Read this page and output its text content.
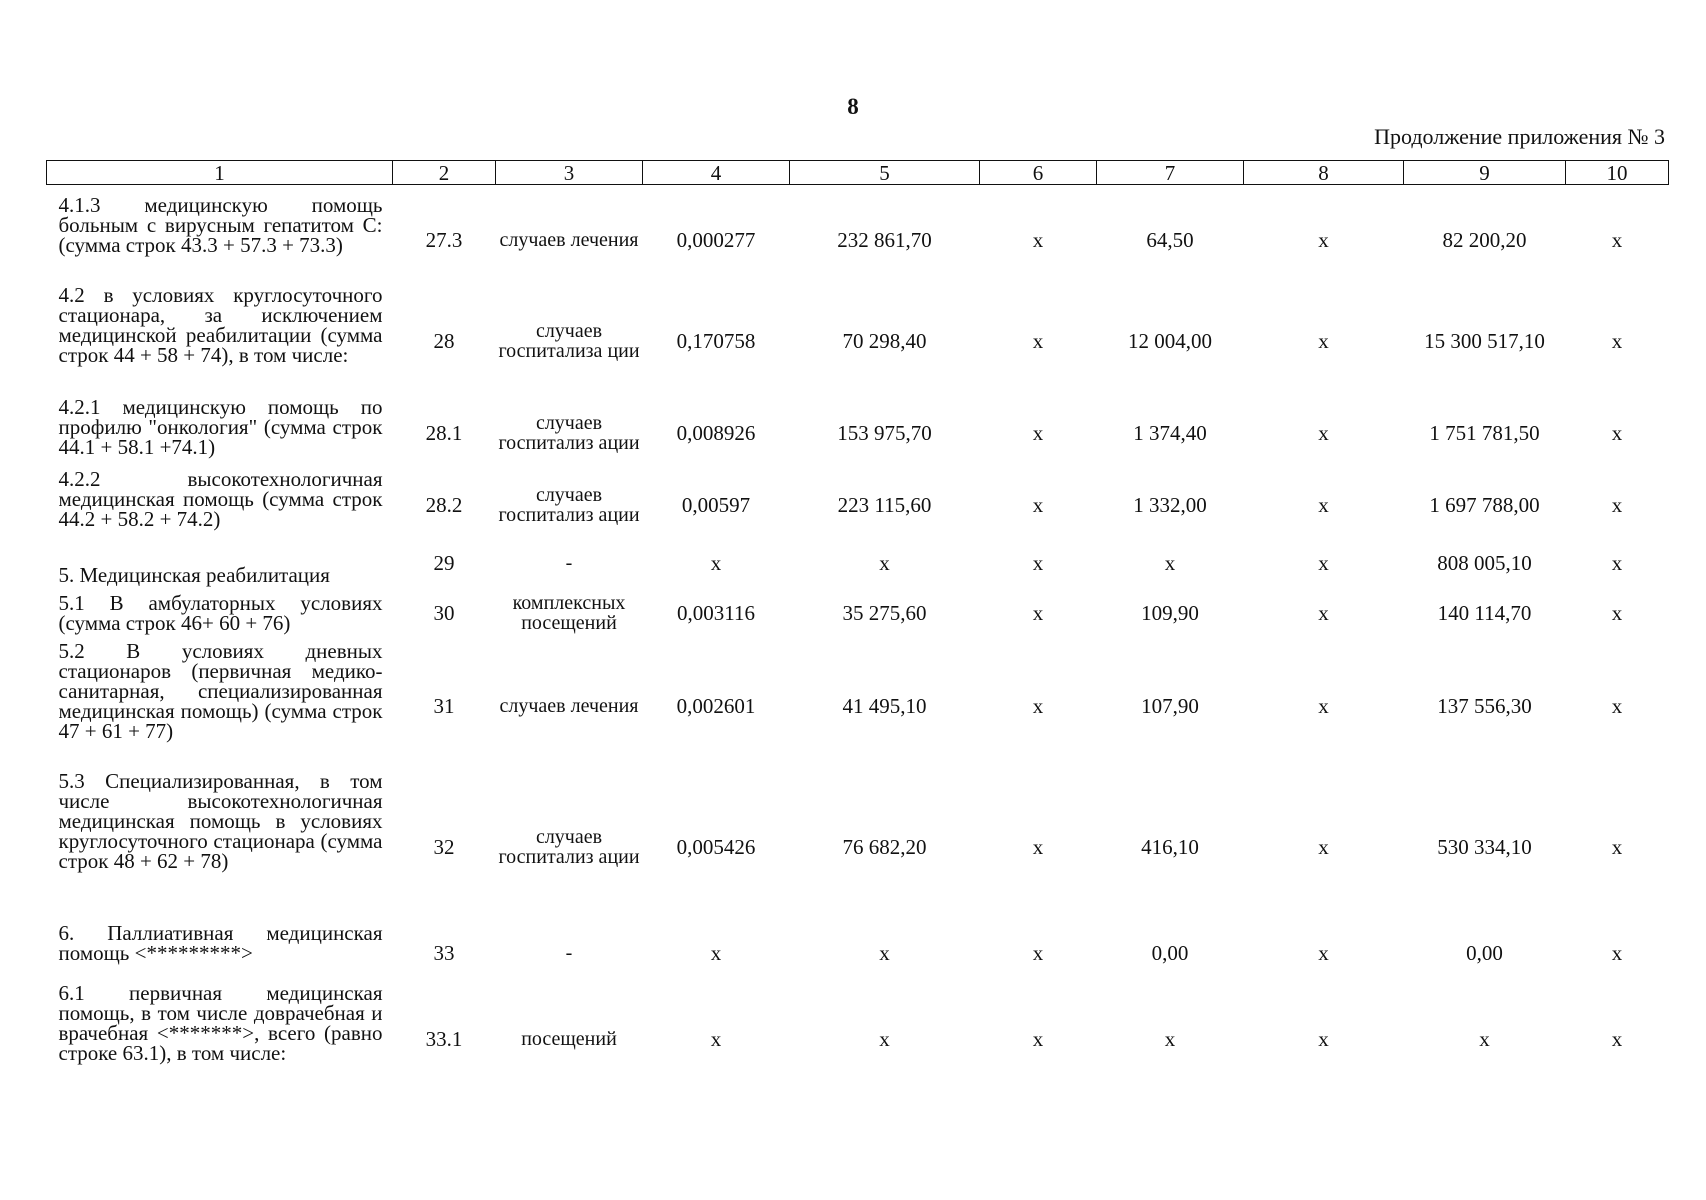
8
Продолжение приложения № 3
1	2	3	4	5	6	7	8	9	10

4.1.3 медицинскую помощь больным с вирусным гепатитом С: (сумма строк 43.3 + 57.3 + 73.3)	27.3	случаев лечения	0,000277	232 861,70	х	64,50	х	82 200,20	х
4.2 в условиях круглосуточного стационара, за исключением медицинской реабилитации (сумма строк 44 + 58 + 74), в том числе:	28	случаев госпитализа ции	0,170758	70 298,40	х	12 004,00	х	15 300 517,10	х
4.2.1 медицинскую помощь по профилю "онкология" (сумма строк 44.1 + 58.1 +74.1)	28.1	случаев госпитализ ации	0,008926	153 975,70	х	1 374,40	х	1 751 781,50	х
4.2.2 высокотехнологичная медицинская помощь (сумма строк 44.2 + 58.2 + 74.2)	28.2	случаев госпитализ ации	0,00597	223 115,60	х	1 332,00	х	1 697 788,00	х
5. Медицинская реабилитация	29	-	х	х	х	х	х	808 005,10	х
5.1 В амбулаторных условиях (сумма строк 46+ 60 + 76)	30	комплексных посещений	0,003116	35 275,60	х	109,90	х	140 114,70	х
5.2 В условиях дневных стационаров (первичная медико-санитарная, специализированная медицинская помощь) (сумма строк 47 + 61 + 77)	31	случаев лечения	0,002601	41 495,10	х	107,90	х	137 556,30	х
5.3 Специализированная, в том числе высокотехнологичная медицинская помощь в условиях круглосуточного стационара (сумма строк 48 + 62 + 78)	32	случаев госпитализ ации	0,005426	76 682,20	х	416,10	х	530 334,10	х
6. Паллиативная медицинская помощь <*********>	33	-	х	х	х	0,00	х	0,00	х
6.1 первичная медицинская помощь, в том числе доврачебная и врачебная <*******>, всего (равно строке 63.1), в том числе:	33.1	посещений	х	х	х	х	х	х	х
